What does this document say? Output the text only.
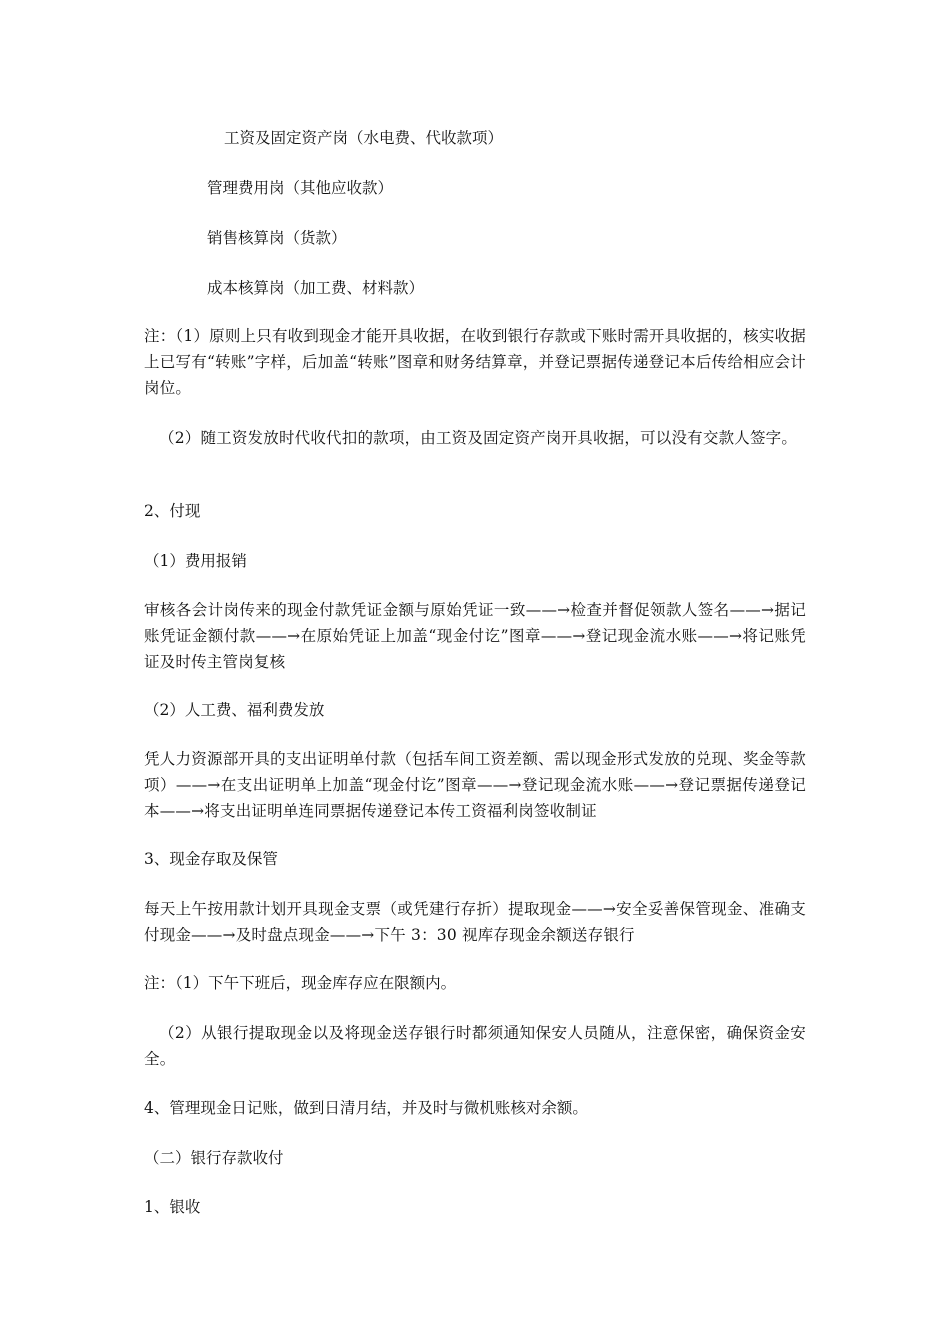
工资及固定资产岗（水电费、代收款项）
管理费用岗（其他应收款）
销售核算岗（货款）
成本核算岗（加工费、材料款）
注：（1）原则上只有收到现金才能开具收据，在收到银行存款或下账时需开具收据的，核实收据上已写有“转账”字样，后加盖“转账”图章和财务结算章，并登记票据传递登记本后传给相应会计岗位。
（2）随工资发放时代收代扣的款项，由工资及固定资产岗开具收据，可以没有交款人签字。
2、付现
（1）费用报销
审核各会计岗传来的现金付款凭证金额与原始凭证一致——→检查并督促领款人签名——→据记账凭证金额付款——→在原始凭证上加盖“现金付讫”图章——→登记现金流水账——→将记账凭证及时传主管岗复核
（2）人工费、福利费发放
凭人力资源部开具的支出证明单付款（包括车间工资差额、需以现金形式发放的兑现、奖金等款项）——→在支出证明单上加盖“现金付讫”图章——→登记现金流水账——→登记票据传递登记本——→将支出证明单连同票据传递登记本传工资福利岗签收制证
3、现金存取及保管
每天上午按用款计划开具现金支票（或凭建行存折）提取现金——→安全妥善保管现金、准确支付现金——→及时盘点现金——→下午 3：30 视库存现金余额送存银行
注：（1）下午下班后，现金库存应在限额内。
（2）从银行提取现金以及将现金送存银行时都须通知保安人员随从，注意保密，确保资金安全。
4、管理现金日记账，做到日清月结，并及时与微机账核对余额。
（二）银行存款收付
1、银收
